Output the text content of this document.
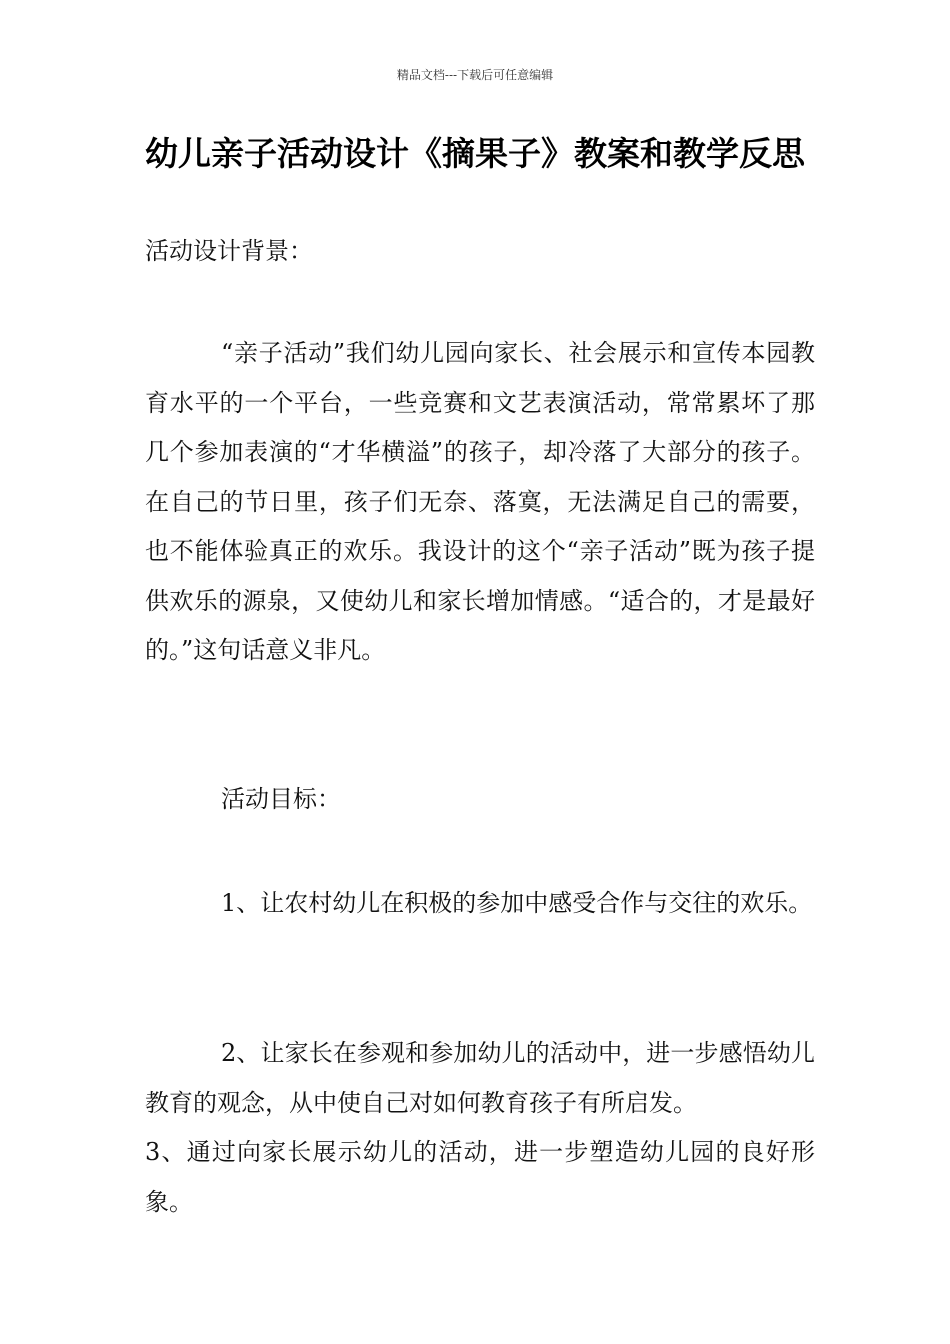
精品文档---下载后可任意编辑
幼儿亲子活动设计《摘果子》教案和教学反思

活动设计背景：

“亲子活动”我们幼儿园向家长、社会展示和宣传本园教育水平的一个平台，一些竞赛和文艺表演活动，常常累坏了那几个参加表演的“才华横溢”的孩子，却冷落了大部分的孩子。在自己的节日里，孩子们无奈、落寞，无法满足自己的需要，也不能体验真正的欢乐。我设计的这个“亲子活动”既为孩子提供欢乐的源泉，又使幼儿和家长增加情感。“适合的，才是最好的。”这句话意义非凡。

活动目标：

1、让农村幼儿在积极的参加中感受合作与交往的欢乐。

2、让家长在参观和参加幼儿的活动中，进一步感悟幼儿教育的观念，从中使自己对如何教育孩子有所启发。

3、通过向家长展示幼儿的活动，进一步塑造幼儿园的良好形象。
